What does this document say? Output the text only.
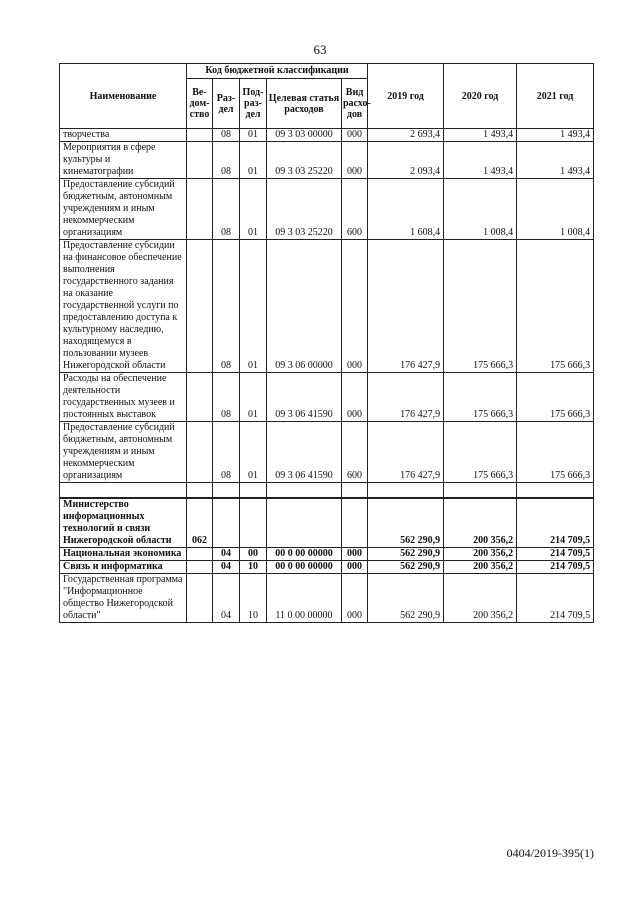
63
Наименование	Код бюджетной классификации					2019 год	2020 год	2021 год
	Ве-дом-ство	Раз-дел	Под-раз-дел	Целевая статья расходов	Вид расхо-дов			
творчества		08	01	09 3 03 00000	000	2 693,4	1 493,4	1 493,4
Мероприятия в сфере культуры и кинематографии		08	01	09 3 03 25220	000	2 093,4	1 493,4	1 493,4
Предоставление субсидий бюджетным, автономным учреждениям и иным некоммерческим организациям		08	01	09 3 03 25220	600	1 608,4	1 008,4	1 008,4
Предоставление субсидии на финансовое обеспечение выполнения государственного задания на оказание государственной услуги по предоставлению доступа к культурному наследию, находящемуся в пользовании музеев Нижегородской области		08	01	09 3 06 00000	000	176 427,9	175 666,3	175 666,3
Расходы на обеспечение деятельности государственных музеев и постоянных выставок		08	01	09 3 06 41590	000	176 427,9	175 666,3	175 666,3
Предоставление субсидий бюджетным, автономным учреждениям и иным некоммерческим организациям		08	01	09 3 06 41590	600	176 427,9	175 666,3	175 666,3

Министерство информационных технологий и связи Нижегородской области	062					562 290,9	200 356,2	214 709,5
Национальная экономика		04	00	00 0 00 00000	000	562 290,9	200 356,2	214 709,5
Связь и информатика		04	10	00 0 00 00000	000	562 290,9	200 356,2	214 709,5
Государственная программа "Информационное общество Нижегородской области"		04	10	11 0 00 00000	000	562 290,9	200 356,2	214 709,5
0404/2019-395(1)
